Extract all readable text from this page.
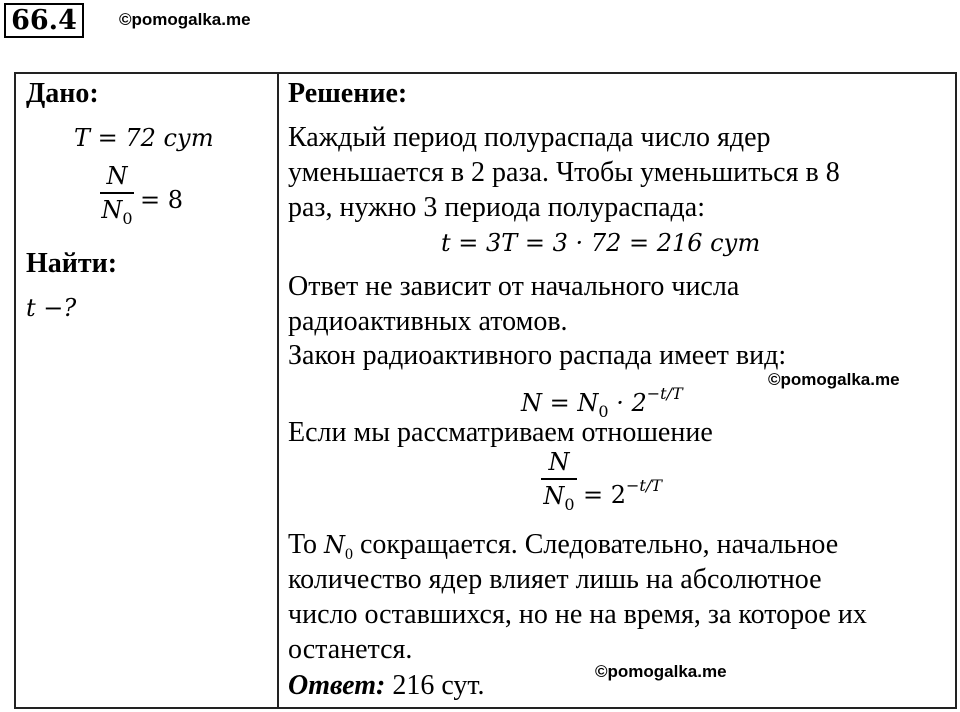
66.4	©pomogalka.me
Дано:
T = 72 сут
N
$N_0$
= 8
Найти:
t −?
Решение:
Каждый период полураспада число ядер
уменьшается в 2 раза. Чтобы уменьшиться в 8
раз, нужно 3 периода полураспада:
t = 3T = 3 · 72 = 216 сут
Ответ не зависит от начального числа
радиоактивных атомов.
Закон радиоактивного распада имеет вид:
$N = N_0 \cdot 2^{-t/T}$
©pomogalka.me
Если мы рассматриваем отношение
N
$N_0 = 2^{-t/T}$
То $N_0$ сокращается. Следовательно, начальное
количество ядер влияет лишь на абсолютное
число оставшихся, но не на время, за которое их
останется.
Ответ: 216 сут.	©pomogalka.me
